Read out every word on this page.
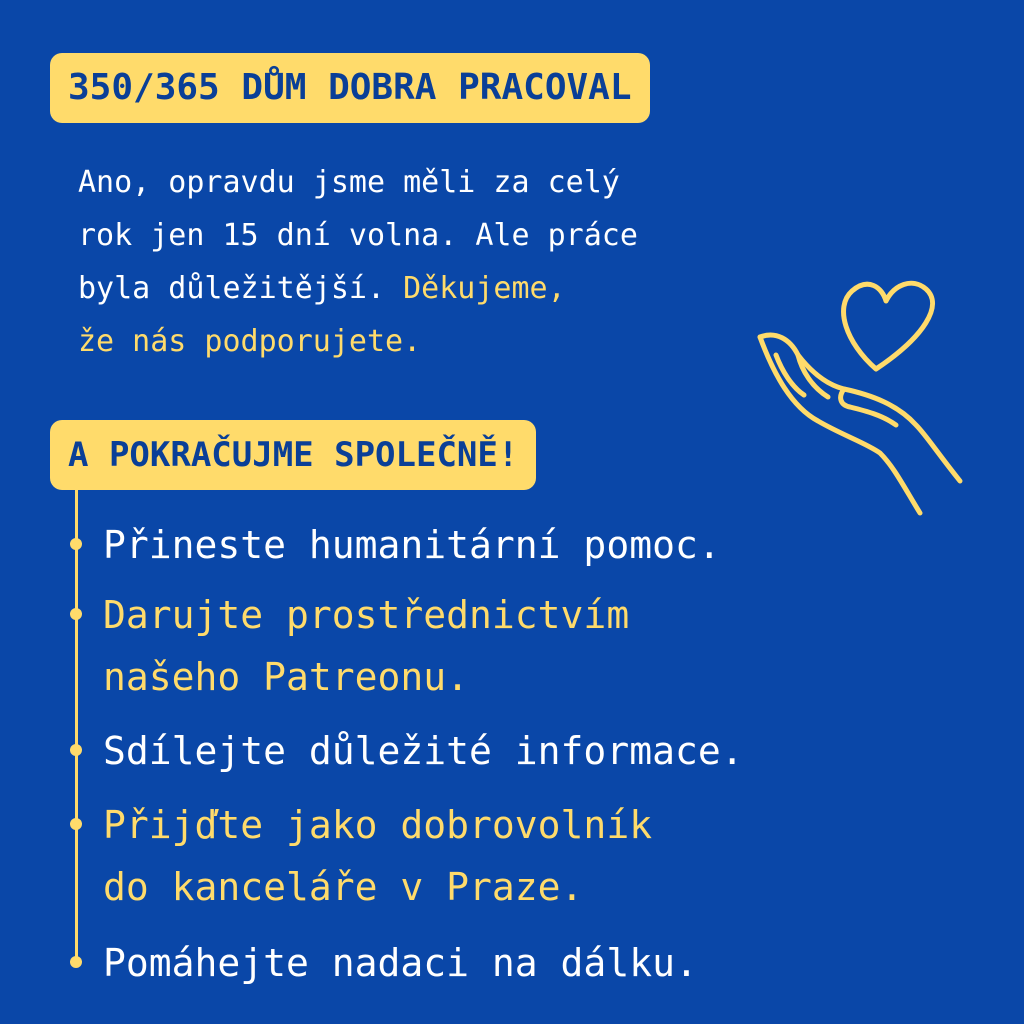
350/365 DŮM DOBRA PRACOVAL
Ano, opravdu jsme měli za celý
rok jen 15 dní volna. Ale práce
byla důležitější. Děkujeme,
že nás podporujete.
A POKRAČUJME SPOLEČNĚ!
Přineste humanitární pomoc.
Darujte prostřednictvím
našeho Patreonu.
Sdílejte důležité informace.
Přijďte jako dobrovolník
do kanceláře v Praze.
Pomáhejte nadaci na dálku.
